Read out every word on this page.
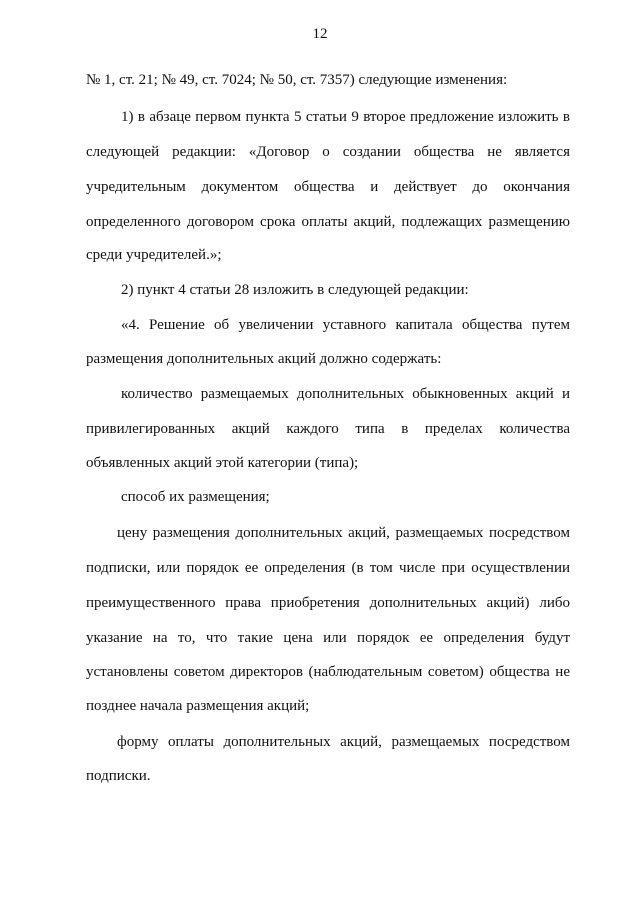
12
№ 1, ст. 21; № 49, ст. 7024; № 50, ст. 7357) следующие изменения:
1) в абзаце первом пункта 5 статьи 9 второе предложение изложить в
следующей редакции: «Договор о создании общества не является
учредительным документом общества и действует до окончания
определенного договором срока оплаты акций, подлежащих размещению
среди учредителей.»;
2) пункт 4 статьи 28 изложить в следующей редакции:
«4. Решение об увеличении уставного капитала общества путем
размещения дополнительных акций должно содержать:
количество размещаемых дополнительных обыкновенных акций и
привилегированных акций каждого типа в пределах количества
объявленных акций этой категории (типа);
способ их размещения;
цену размещения дополнительных акций, размещаемых посредством
подписки, или порядок ее определения (в том числе при осуществлении
преимущественного права приобретения дополнительных акций) либо
указание на то, что такие цена или порядок ее определения будут
установлены советом директоров (наблюдательным советом) общества не
позднее начала размещения акций;
форму оплаты дополнительных акций, размещаемых посредством
подписки.
